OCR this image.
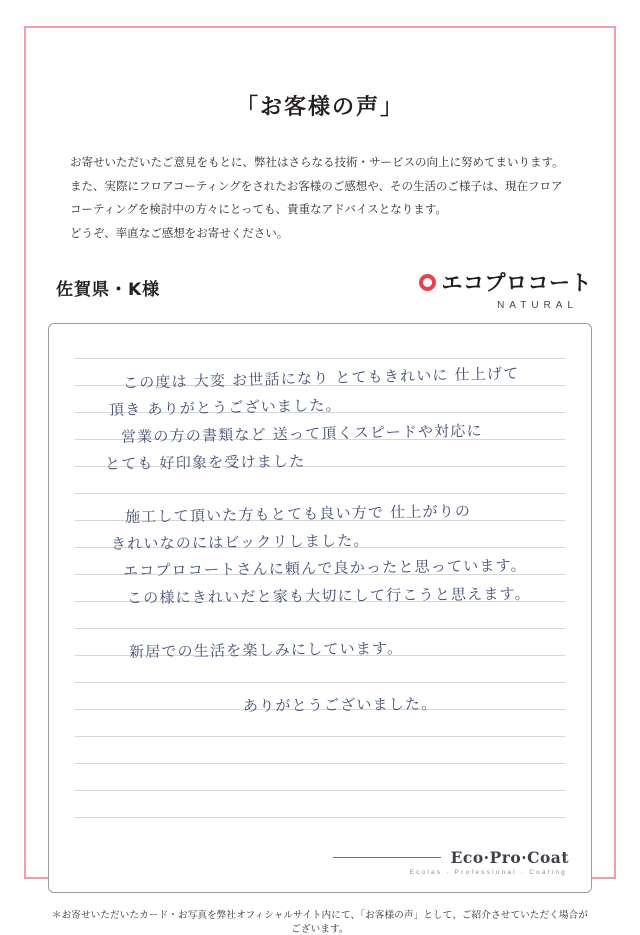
「お客様の声」

お寄せいただいたご意見をもとに、弊社はさらなる技術・サービスの向上に努めてまいります。

また、実際にフロアコーティングをされたお客様のご感想や、その生活のご様子は、現在フロア

コーティングを検討中の方々にとっても、貴重なアドバイスとなります。

どうぞ、率直なご感想をお寄せください。

佐賀県・K様	エコプロコート
NATURAL
この度は 大変 お世話になり とてもきれいに 仕上げて
頂き ありがとうございました。
営業の方の書類など 送って頂くスピードや対応に
とても 好印象を受けました
施工して頂いた方もとても良い方で 仕上がりの
きれいなのにはビックリしました。
エコプロコートさんに頼んで良かったと思っています。
この様にきれいだと家も大切にして行こうと思えます。
新居での生活を楽しみにしています。
ありがとうございました。
Eco·Pro·Coat
Ecolas · Professional · Coating
＊お寄せいただいたカード・お写真を弊社オフィシャルサイト内にて、「お客様の声」として、ご紹介させていただく場合がございます。
